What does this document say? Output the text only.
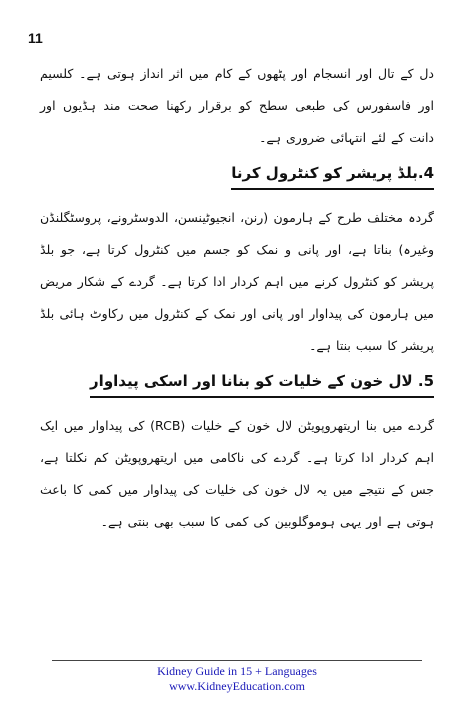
11

دل کے تال اور انسجام اور پٹھوں کے کام میں اثر انداز ہوتی ہے۔ کلسیم اور فاسفورس کی طبعی سطح کو برقرار رکھنا صحت مند ہڈیوں اور دانت کے لئے انتہائی ضروری ہے۔

4.بلڈ پریشر کو کنٹرول کرنا

گردہ مختلف طرح کے ہارمون (رنن، انجیوٹینسن، الدوسٹرونے، پروسٹگلنڈن وغیرہ) بناتا ہے، اور پانی و نمک کو جسم میں کنٹرول کرتا ہے، جو بلڈ پریشر کو کنٹرول کرنے میں اہم کردار ادا کرتا ہے۔ گردے کے شکار مریض میں ہارمون کی پیداوار اور پانی اور نمک کے کنٹرول میں رکاوٹ ہائی بلڈ پریشر کا سبب بنتا ہے۔

5. لال خون کے خلیات کو بنانا اور اسکی پیداوار

گردے میں بنا اریتھروپویٹن لال خون کے خلیات (RCB) کی پیداوار میں ایک اہم کردار ادا کرتا ہے۔ گردے کی ناکامی میں اریتھروپویٹن کم نکلتا ہے، جس کے نتیجے میں یہ لال خون کی خلیات کی پیداوار میں کمی کا باعث ہوتی ہے اور یہی ہوموگلوبین کی کمی کا سبب بھی بنتی ہے۔

Kidney Guide in 15 + Languages
www.KidneyEducation.com
